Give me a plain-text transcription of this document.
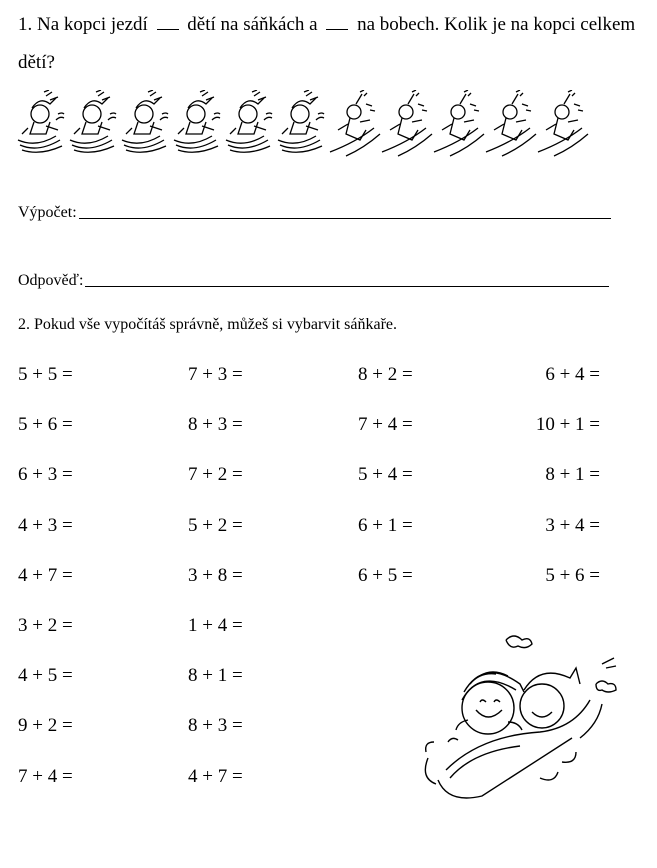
1. Na kopci jezdí dětí na sáňkách a na bobech. Kolik je na kopci celkem dětí?
Výpočet:
Odpověď:
2. Pokud vše vypočítáš správně, můžeš si vybarvit sáňkaře.
5 + 5 =	7 + 3 =	8 + 2 =	6 + 4 =
5 + 6 =	8 + 3 =	7 + 4 =	10 + 1 =
6 + 3 =	7 + 2 =	5 + 4 =	8 + 1 =
4 + 3 =	5 + 2 =	6 + 1 =	3 + 4 =
4 + 7 =	3 + 8 =	6 + 5 =	5 + 6 =
3 + 2 =	1 + 4 =
4 + 5 =	8 + 1 =
9 + 2 =	8 + 3 =
7 + 4 =	4 + 7 =
